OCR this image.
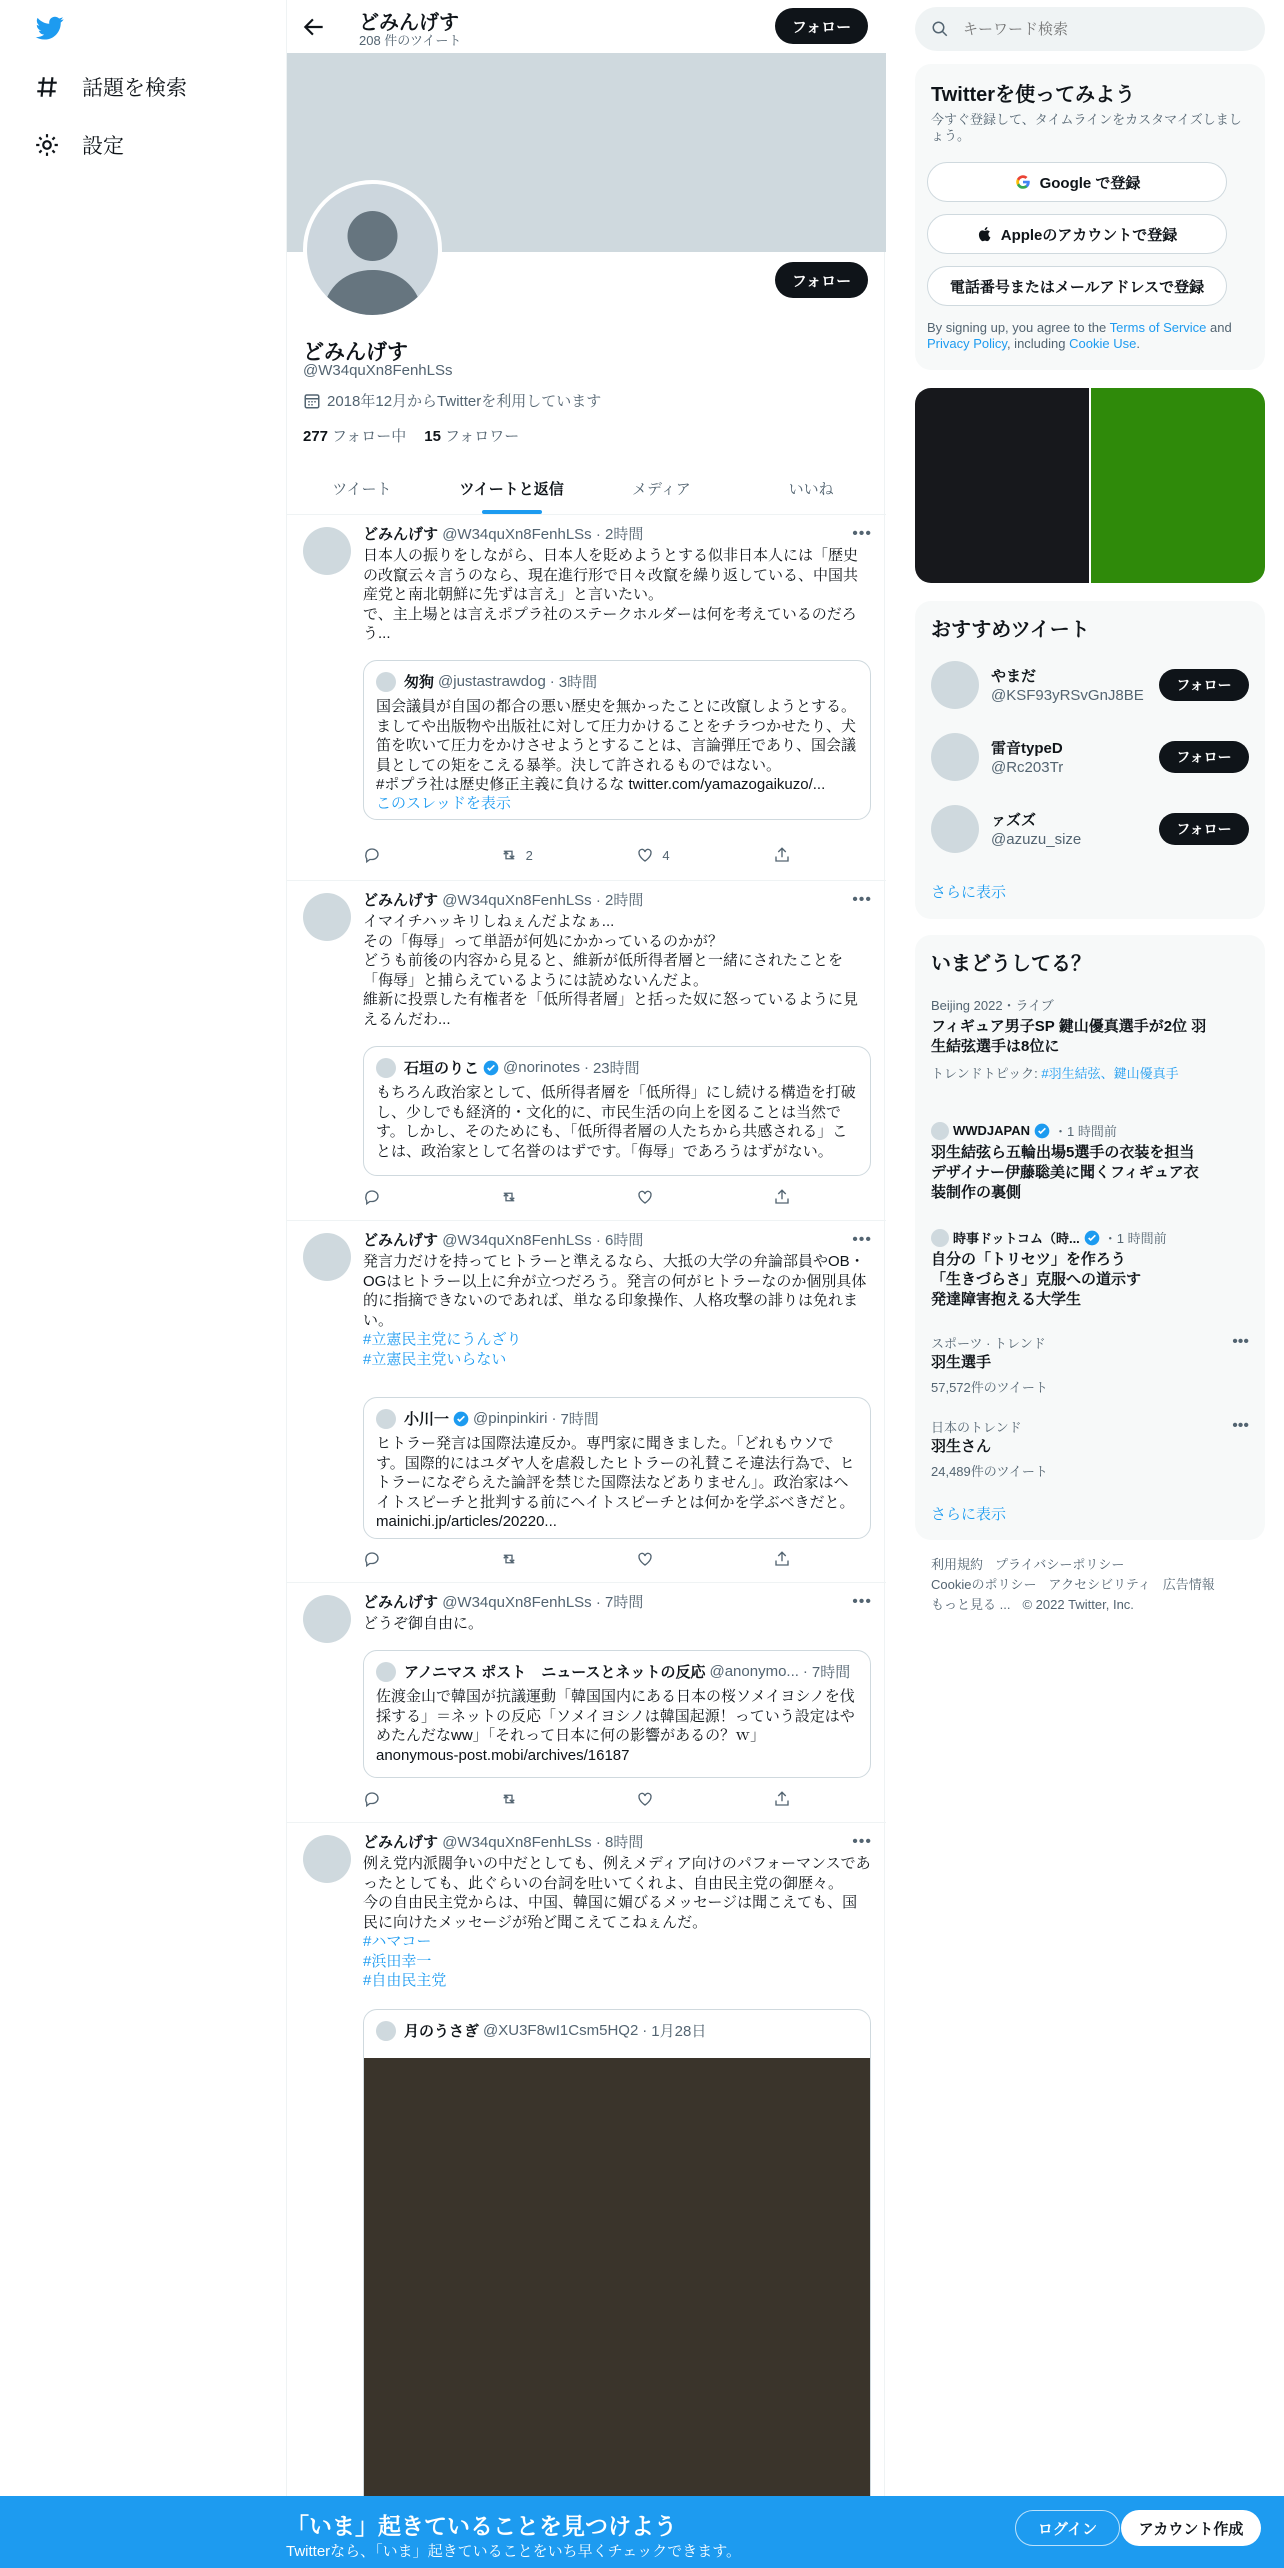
話題を検索
設定
どみんげす
208 件のツイート
フォロー
フォロー
どみんげす
@W34quXn8FenhLSs
2018年12月からTwitterを利用しています
277 フォロー中 15 フォロワー
ツイート	ツイートと返信	メディア	いいね
•••
どみんげす @W34quXn8FenhLSs · 2時間
日本人の振りをしながら、日本人を貶めようとする似非日本人には「歴史の改竄云々言うのなら、現在進行形で日々改竄を繰り返している、中国共産党と南北朝鮮に先ずは言え」と言いたい。
で、主上場とは言えポプラ社のステークホルダーは何を考えているのだろう...
匆狗 @justastrawdog · 3時間
国会議員が自国の都合の悪い歴史を無かったことに改竄しようとする。ましてや出版物や出版社に対して圧力かけることをチラつかせたり、犬笛を吹いて圧力をかけさせようとすることは、言論弾圧であり、国会議員としての矩をこえる暴挙。決して許されるものではない。
#ポプラ社は歴史修正主義に負けるな twitter.com/yamazogaikuzo/...
このスレッドを表示
2	4
•••
どみんげす @W34quXn8FenhLSs · 2時間
イマイチハッキリしねぇんだよなぁ...
その「侮辱」って単語が何処にかかっているのかが？
どうも前後の内容から見ると、維新が低所得者層と一緒にされたことを「侮辱」と捕らえているようには読めないんだよ。
維新に投票した有権者を「低所得者層」と括った奴に怒っているように見えるんだわ...
石垣のりこ @norinotes · 23時間
もちろん政治家として、低所得者層を「低所得」にし続ける構造を打破し、少しでも経済的・文化的に、市民生活の向上を図ることは当然です。しかし、そのためにも、「低所得者層の人たちから共感される」ことは、政治家として名誉のはずです。「侮辱」であろうはずがない。
•••
どみんげす @W34quXn8FenhLSs · 6時間
発言力だけを持ってヒトラーと準えるなら、大抵の大学の弁論部員やOB・OGはヒトラー以上に弁が立つだろう。発言の何がヒトラーなのか個別具体的に指摘できないのであれば、単なる印象操作、人格攻撃の誹りは免れまい。
#立憲民主党にうんざり
#立憲民主党いらない
小川一 @pinpinkiri · 7時間
ヒトラー発言は国際法違反か。専門家に聞きました。「どれもウソです。国際的にはユダヤ人を虐殺したヒトラーの礼賛こそ違法行為で、ヒトラーになぞらえた論評を禁じた国際法などありません」。政治家はヘイトスピーチと批判する前にヘイトスピーチとは何かを学ぶべきだと。mainichi.jp/articles/20220...
•••
どみんげす @W34quXn8FenhLSs · 7時間
どうぞ御自由に。
アノニマス ポスト　ニュースとネットの反応 @anonymo... · 7時間
佐渡金山で韓国が抗議運動「韓国国内にある日本の桜ソメイヨシノを伐採する」＝ネットの反応「ソメイヨシノは韓国起源！っていう設定はやめたんだなww」「それって日本に何の影響があるの？ｗ」
anonymous-post.mobi/archives/16187
•••
どみんげす @W34quXn8FenhLSs · 8時間
例え党内派閥争いの中だとしても、例えメディア向けのパフォーマンスであったとしても、此ぐらいの台詞を吐いてくれよ、自由民主党の御歴々。
今の自由民主党からは、中国、韓国に媚びるメッセージは聞こえても、国民に向けたメッセージが殆ど聞こえてこねぇんだ。
#ハマコー
#浜田幸一
#自由民主党
月のうさぎ @XU3F8wI1Csm5HQ2 · 1月28日
キーワード検索
Twitterを使ってみよう
今すぐ登録して、タイムラインをカスタマイズしましょう。
Google で登録
Appleのアカウントで登録
電話番号またはメールアドレスで登録
By signing up, you agree to the Terms of Service and Privacy Policy, including Cookie Use.
おすすめツイート
やまだ
@KSF93yRSvGnJ8BE
フォロー
雷音typeD
@Rc203Tr
フォロー
ァズズ
@azuzu_size
フォロー
さらに表示
いまどうしてる？
Beijing 2022・ライブ
フィギュア男子SP 鍵山優真選手が2位 羽生結弦選手は8位に
トレンドトピック: #羽生結弦、鍵山優真手
WWDJAPAN ・1 時間前
羽生結弦ら五輪出場5選手の衣装を担当　デザイナー伊藤聡美に聞くフィギュア衣装制作の裏側
時事ドットコム（時... ・1 時間前
自分の「トリセツ」を作ろう
「生きづらさ」克服への道示す
発達障害抱える大学生
スポーツ · トレンド	•••
羽生選手
57,572件のツイート
日本のトレンド	•••
羽生さん
24,489件のツイート
さらに表示
利用規約 プライバシーポリシー
Cookieのポリシー アクセシビリティ 広告情報
もっと見る ... © 2022 Twitter, Inc.
「いま」起きていることを見つけよう
Twitterなら、「いま」起きていることをいち早くチェックできます。
ログイン	アカウント作成
